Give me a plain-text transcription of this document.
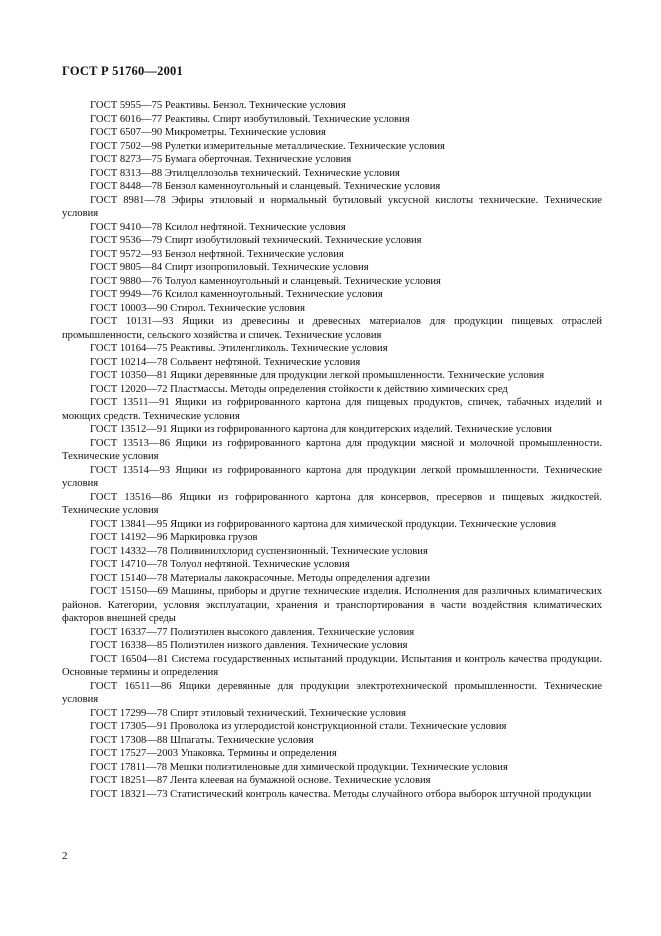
ГОСТ Р 51760—2001

ГОСТ 5955—75 Реактивы. Бензол. Технические условия

ГОСТ 6016—77 Реактивы. Спирт изобутиловый. Технические условия

ГОСТ 6507—90 Микрометры. Технические условия

ГОСТ 7502—98 Рулетки измерительные металлические. Технические условия

ГОСТ 8273—75 Бумага оберточная. Технические условия

ГОСТ 8313—88 Этилцеллозольв технический. Технические условия

ГОСТ 8448—78 Бензол каменноугольный и сланцевый. Технические условия

ГОСТ 8981—78 Эфиры этиловый и нормальный бутиловый уксусной кислоты технические. Технические условия

ГОСТ 9410—78 Ксилол нефтяной. Технические условия

ГОСТ 9536—79 Спирт изобутиловый технический. Технические условия

ГОСТ 9572—93 Бензол нефтяной. Технические условия

ГОСТ 9805—84 Спирт изопропиловый. Технические условия

ГОСТ 9880—76 Толуол каменноугольный и сланцевый. Технические условия

ГОСТ 9949—76 Ксилол каменноугольный. Технические условия

ГОСТ 10003—90 Стирол. Технические условия

ГОСТ 10131—93 Ящики из древесины и древесных материалов для продукции пищевых отраслей промышленности, сельского хозяйства и спичек. Технические условия

ГОСТ 10164—75 Реактивы. Этиленгликоль. Технические условия

ГОСТ 10214—78 Сольвент нефтяной. Технические условия

ГОСТ 10350—81 Ящики деревянные для продукции легкой промышленности. Технические условия

ГОСТ 12020—72 Пластмассы. Методы определения стойкости к действию химических сред

ГОСТ 13511—91 Ящики из гофрированного картона для пищевых продуктов, спичек, табачных изделий и моющих средств. Технические условия

ГОСТ 13512—91 Ящики из гофрированного картона для кондитерских изделий. Технические условия

ГОСТ 13513—86 Ящики из гофрированного картона для продукции мясной и молочной промышленности. Технические условия

ГОСТ 13514—93 Ящики из гофрированного картона для продукции легкой промышленности. Технические условия

ГОСТ 13516—86 Ящики из гофрированного картона для консервов, пресервов и пищевых жидкостей. Технические условия

ГОСТ 13841—95 Ящики из гофрированного картона для химической продукции. Технические условия

ГОСТ 14192—96 Маркировка грузов

ГОСТ 14332—78 Поливинилхлорид суспензионный. Технические условия

ГОСТ 14710—78 Толуол нефтяной. Технические условия

ГОСТ 15140—78 Материалы лакокрасочные. Методы определения адгезии

ГОСТ 15150—69 Машины, приборы и другие технические изделия. Исполнения для различных климатических районов. Категории, условия эксплуатации, хранения и транспортирования в части воздействия климатических факторов внешней среды

ГОСТ 16337—77 Полиэтилен высокого давления. Технические условия

ГОСТ 16338—85 Полиэтилен низкого давления. Технические условия

ГОСТ 16504—81 Система государственных испытаний продукции. Испытания и контроль качества продукции. Основные термины и определения

ГОСТ 16511—86 Ящики деревянные для продукции электротехнической промышленности. Технические условия

ГОСТ 17299—78 Спирт этиловый технический. Технические условия

ГОСТ 17305—91 Проволока из углеродистой конструкционной стали. Технические условия

ГОСТ 17308—88 Шпагаты. Технические условия

ГОСТ 17527—2003 Упаковка. Термины и определения

ГОСТ 17811—78 Мешки полиэтиленовые для химической продукции. Технические условия

ГОСТ 18251—87 Лента клеевая на бумажной основе. Технические условия

ГОСТ 18321—73 Статистический контроль качества. Методы случайного отбора выборок штучной продукции

2
